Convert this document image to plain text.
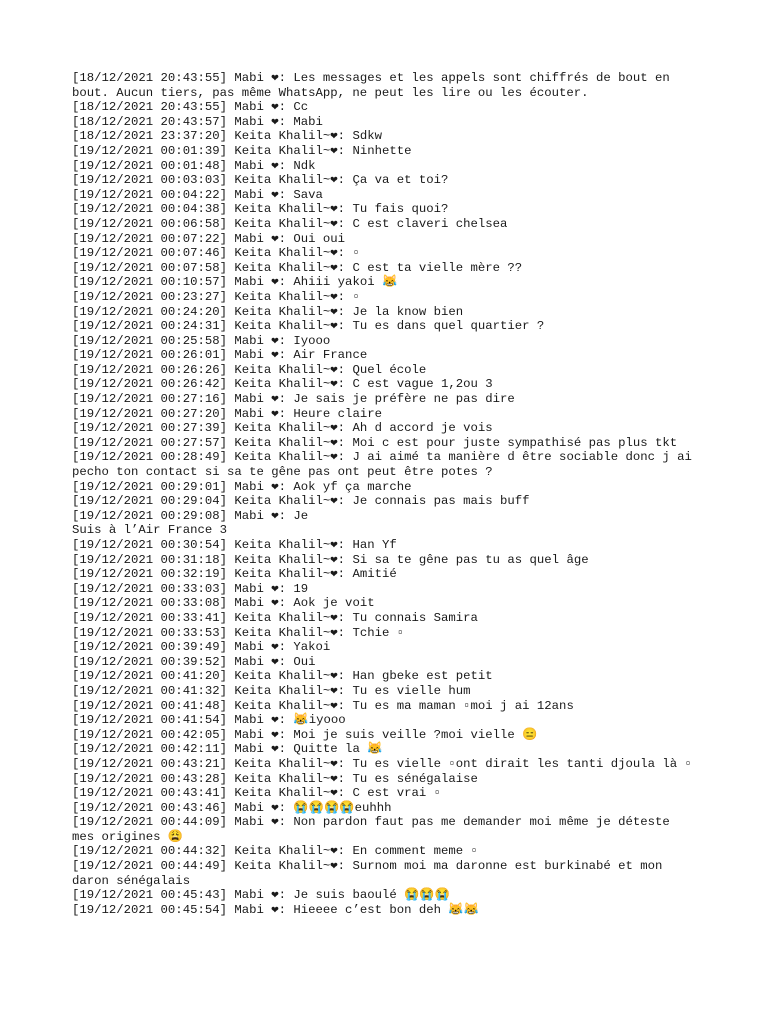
[18/12/2021 20:43:55] Mabi ❤: Les messages et les appels sont chiffrés de bout en bout. Aucun tiers, pas même WhatsApp, ne peut les lire ou les écouter.
[18/12/2021 20:43:55] Mabi ❤: Cc
[18/12/2021 20:43:57] Mabi ❤: Mabi
[18/12/2021 23:37:20] Keita Khalil~❤: Sdkw
[19/12/2021 00:01:39] Keita Khalil~❤: Ninhette
[19/12/2021 00:01:48] Mabi ❤: Ndk
[19/12/2021 00:03:03] Keita Khalil~❤: Ça va et toi?
[19/12/2021 00:04:22] Mabi ❤: Sava
[19/12/2021 00:04:38] Keita Khalil~❤: Tu fais quoi?
[19/12/2021 00:06:58] Keita Khalil~❤: C est claveri chelsea
[19/12/2021 00:07:22] Mabi ❤: Oui oui
[19/12/2021 00:07:46] Keita Khalil~❤: ▫
[19/12/2021 00:07:58] Keita Khalil~❤: C est ta vielle mère ??
[19/12/2021 00:10:57] Mabi ❤: Ahiii yakoi 😹
[19/12/2021 00:23:27] Keita Khalil~❤: ▫
[19/12/2021 00:24:20] Keita Khalil~❤: Je la know bien
[19/12/2021 00:24:31] Keita Khalil~❤: Tu es dans quel quartier ?
[19/12/2021 00:25:58] Mabi ❤: Iyooo
[19/12/2021 00:26:01] Mabi ❤: Air France
[19/12/2021 00:26:26] Keita Khalil~❤: Quel école
[19/12/2021 00:26:42] Keita Khalil~❤: C est vague 1,2ou 3
[19/12/2021 00:27:16] Mabi ❤: Je sais je préfère ne pas dire
[19/12/2021 00:27:20] Mabi ❤: Heure claire
[19/12/2021 00:27:39] Keita Khalil~❤: Ah d accord je vois
[19/12/2021 00:27:57] Keita Khalil~❤: Moi c est pour juste sympathisé pas plus tkt
[19/12/2021 00:28:49] Keita Khalil~❤: J ai aimé ta manière d être sociable donc j ai pecho ton contact si sa te gêne pas ont peut être potes ?
[19/12/2021 00:29:01] Mabi ❤: Aok yf ça marche
[19/12/2021 00:29:04] Keita Khalil~❤: Je connais pas mais buff
[19/12/2021 00:29:08] Mabi ❤: Je
Suis à l’Air France 3
[19/12/2021 00:30:54] Keita Khalil~❤: Han Yf
[19/12/2021 00:31:18] Keita Khalil~❤: Si sa te gêne pas tu as quel âge
[19/12/2021 00:32:19] Keita Khalil~❤: Amitié
[19/12/2021 00:33:03] Mabi ❤: 19
[19/12/2021 00:33:08] Mabi ❤: Aok je voit
[19/12/2021 00:33:41] Keita Khalil~❤: Tu connais Samira
[19/12/2021 00:33:53] Keita Khalil~❤: Tchie ▫
[19/12/2021 00:39:49] Mabi ❤: Yakoi
[19/12/2021 00:39:52] Mabi ❤: Oui
[19/12/2021 00:41:20] Keita Khalil~❤: Han gbeke est petit
[19/12/2021 00:41:32] Keita Khalil~❤: Tu es vielle hum
[19/12/2021 00:41:48] Keita Khalil~❤: Tu es ma maman ▫moi j ai 12ans
[19/12/2021 00:41:54] Mabi ❤: 😹iyooo
[19/12/2021 00:42:05] Mabi ❤: Moi je suis veille ?moi vielle 😑
[19/12/2021 00:42:11] Mabi ❤: Quitte la 😹
[19/12/2021 00:43:21] Keita Khalil~❤: Tu es vielle ▫ont dirait les tanti djoula là ▫
[19/12/2021 00:43:28] Keita Khalil~❤: Tu es sénégalaise
[19/12/2021 00:43:41] Keita Khalil~❤: C est vrai ▫
[19/12/2021 00:43:46] Mabi ❤: 😭😭😭😭euhhh
[19/12/2021 00:44:09] Mabi ❤: Non pardon faut pas me demander moi même je déteste mes origines 😩
[19/12/2021 00:44:32] Keita Khalil~❤: En comment meme ▫
[19/12/2021 00:44:49] Keita Khalil~❤: Surnom moi ma daronne est burkinabé et mon daron sénégalais
[19/12/2021 00:45:43] Mabi ❤: Je suis baoulé 😭😭😭
[19/12/2021 00:45:54] Mabi ❤: Hieeee c’est bon deh 😹😹
